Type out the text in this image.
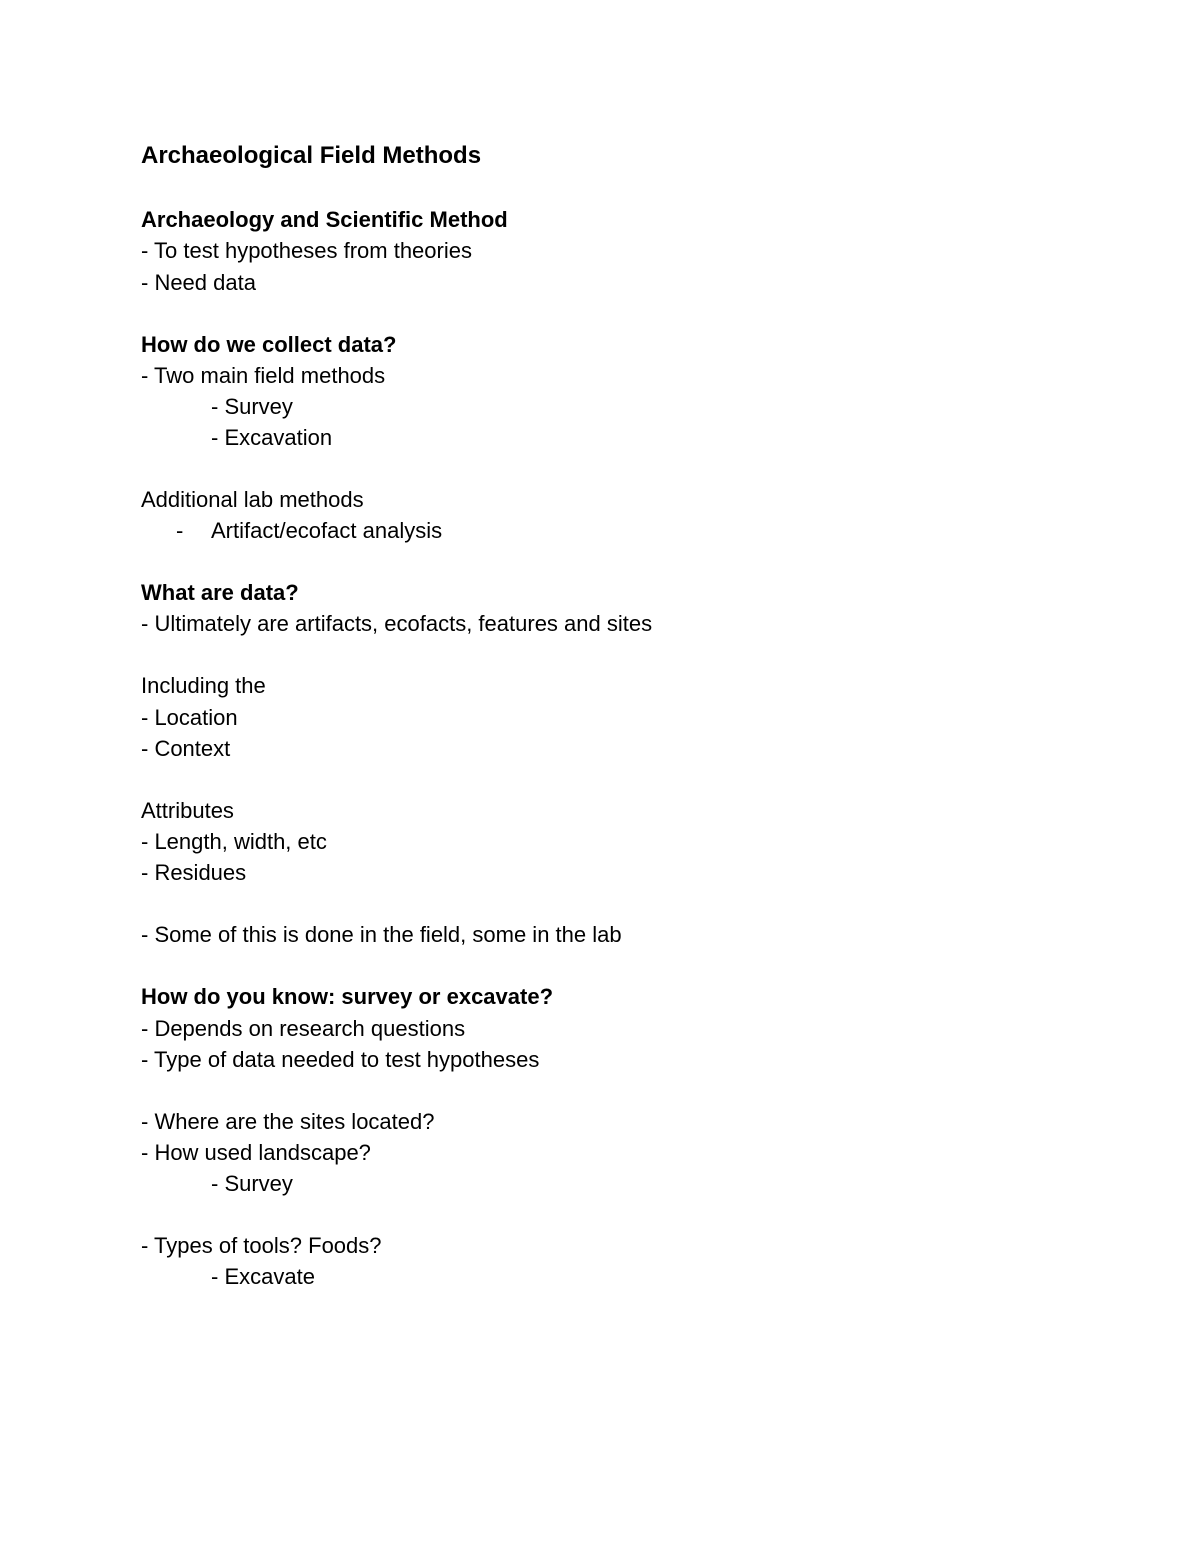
Archaeological Field Methods
Archaeology and Scientific Method
- To test hypotheses from theories
- Need data
How do we collect data?
- Two main field methods
- Survey
- Excavation
Additional lab methods
- Artifact/ecofact analysis
What are data?
- Ultimately are artifacts, ecofacts, features and sites
Including the
- Location
- Context
Attributes
- Length, width, etc
- Residues
- Some of this is done in the field, some in the lab
How do you know: survey or excavate?
- Depends on research questions
- Type of data needed to test hypotheses
- Where are the sites located?
- How used landscape?
- Survey
- Types of tools? Foods?
- Excavate
